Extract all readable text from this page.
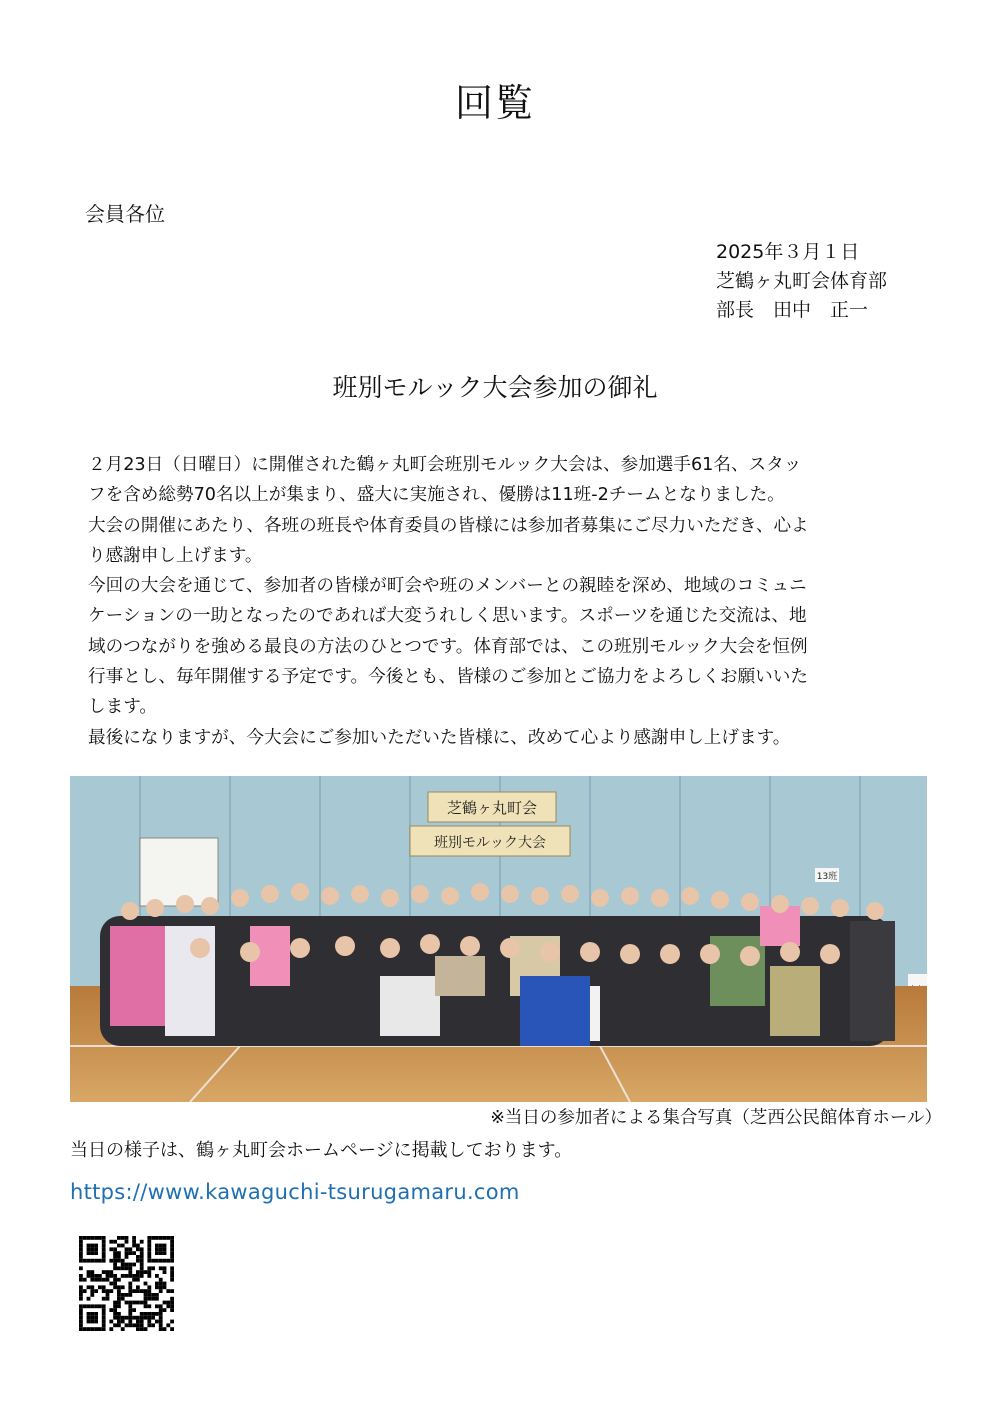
回覧
会員各位
2025年３月１日
芝鶴ヶ丸町会体育部
部長　田中　正一
班別モルック大会参加の御礼

２月23日（日曜日）に開催された鶴ヶ丸町会班別モルック大会は、参加選手61名、スタッ

フを含め総勢70名以上が集まり、盛大に実施され、優勝は11班-2チームとなりました。

大会の開催にあたり、各班の班長や体育委員の皆様には参加者募集にご尽力いただき、心よ

り感謝申し上げます。

今回の大会を通じて、参加者の皆様が町会や班のメンバーとの親睦を深め、地域のコミュニ

ケーションの一助となったのであれば大変うれしく思います。スポーツを通じた交流は、地

域のつながりを強める最良の方法のひとつです。体育部では、この班別モルック大会を恒例

行事とし、毎年開催する予定です。今後とも、皆様のご参加とご協力をよろしくお願いいた

します。

最後になりますが、今大会にご参加いただいた皆様に、改めて心より感謝申し上げます。

芝鶴ヶ丸町会
班別モルック大会
13班
※当日の参加者による集合写真（芝西公民館体育ホール）
当日の様子は、鶴ヶ丸町会ホームページに掲載しております。
https://www.kawaguchi-tsurugamaru.com
